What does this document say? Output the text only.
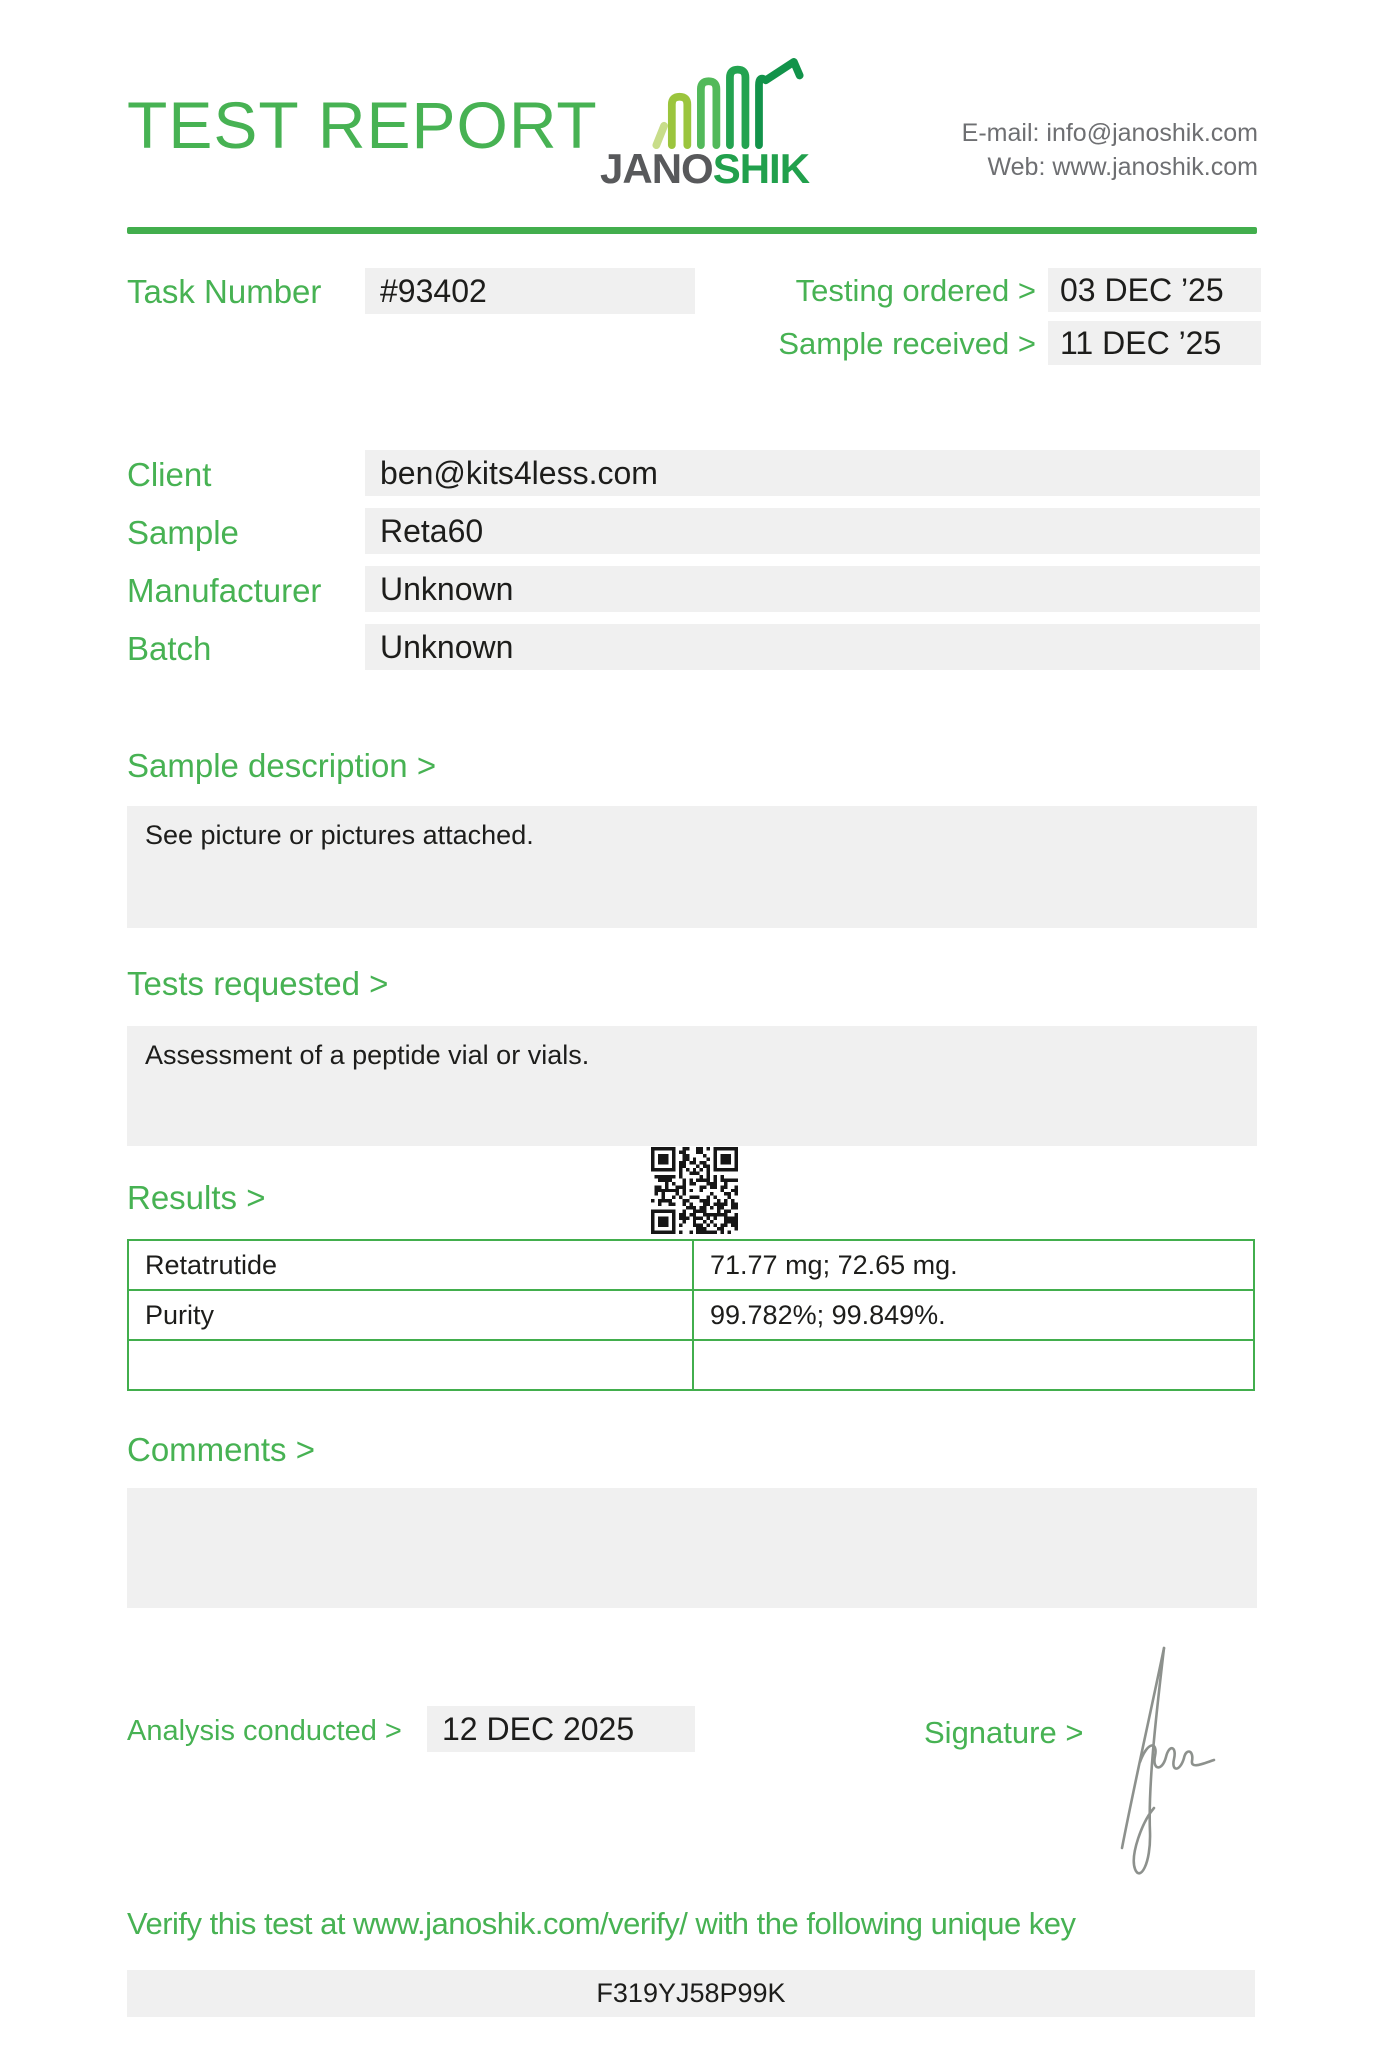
TEST REPORT
JANOSHIK
E-mail: info@janoshik.com
Web: www.janoshik.com
Task Number	#93402	Testing ordered > 03 DEC ’25
Sample received > 11 DEC ’25
Client	ben@kits4less.com
Sample	Reta60
Manufacturer	Unknown
Batch	Unknown
Sample description >
See picture or pictures attached.
Tests requested >
Assessment of a peptide vial or vials.
Results >
Retatrutide	71.77 mg; 72.65 mg.
Purity	99.782%; 99.849%.
Comments >
Analysis conducted >	12 DEC 2025	Signature >
Verify this test at www.janoshik.com/verify/ with the following unique key
F319YJ58P99K
